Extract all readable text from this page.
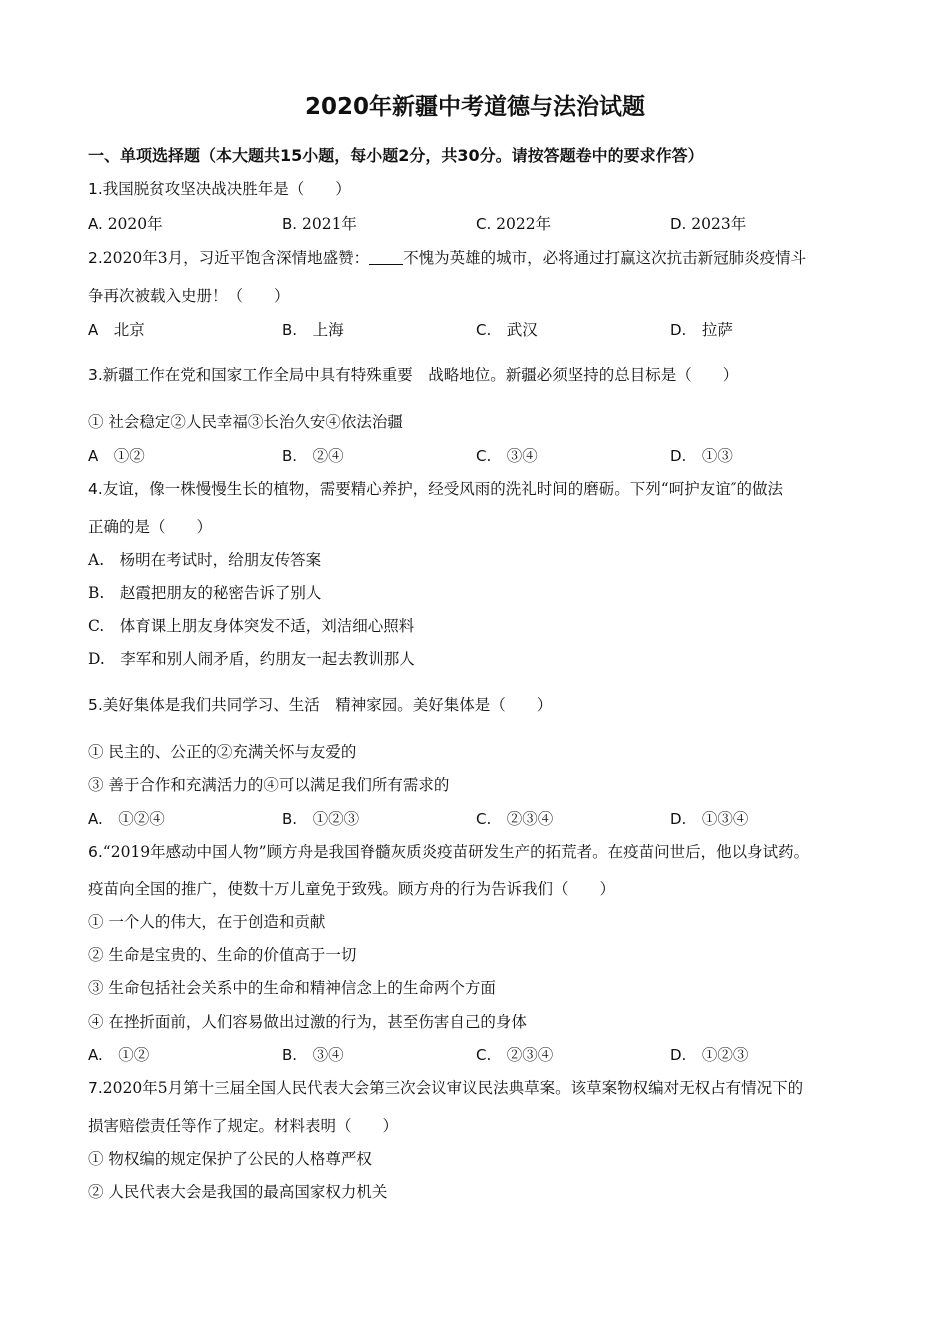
2020年新疆中考道德与法治试题
一、单项选择题（本大题共15小题，每小题2分，共30分。请按答题卷中的要求作答）
1.我国脱贫攻坚决战决胜年是（　　）
A. 2020年	B. 2021年	C. 2022年	D. 2023年
2.2020年3月，习近平饱含深情地盛赞： 不愧为英雄的城市，必将通过打赢这次抗击新冠肺炎疫情斗
争再次被载入史册！（　　）
A　北京	B.　上海	C.　武汉	D.　拉萨
3.新疆工作在党和国家工作全局中具有特殊重要　战略地位。新疆必须坚持的总目标是（　　）
① 社会稳定②人民幸福③长治久安④依法治疆
A　①②	B.　②④	C.　③④	D.　①③
4.友谊，像一株慢慢生长的植物，需要精心养护，经受风雨的洗礼时间的磨砺。下列“呵护友谊″的做法
正确的是（　　）
A.　杨明在考试时，给朋友传答案
B.　赵霞把朋友的秘密告诉了别人
C.　体育课上朋友身体突发不适，刘洁细心照料
D.　李军和别人闹矛盾，约朋友一起去教训那人
5.美好集体是我们共同学习、生活　精神家园。美好集体是（　　）
① 民主的、公正的②充满关怀与友爱的
③ 善于合作和充满活力的④可以满足我们所有需求的
A.　①②④	B.　①②③	C.　②③④	D.　①③④
6.“2019年感动中国人物”顾方舟是我国脊髓灰质炎疫苗研发生产的拓荒者。在疫苗问世后，他以身试药。
疫苗向全国的推广，使数十万儿童免于致残。顾方舟的行为告诉我们（　　）
① 一个人的伟大，在于创造和贡献
② 生命是宝贵的、生命的价值高于一切
③ 生命包括社会关系中的生命和精神信念上的生命两个方面
④ 在挫折面前，人们容易做出过激的行为，甚至伤害自己的身体
A.　①②	B.　③④	C.　②③④	D.　①②③
7.2020年5月第十三届全国人民代表大会第三次会议审议民法典草案。该草案物权编对无权占有情况下的
损害赔偿责任等作了规定。材料表明（　　）
① 物权编的规定保护了公民的人格尊严权
② 人民代表大会是我国的最高国家权力机关
